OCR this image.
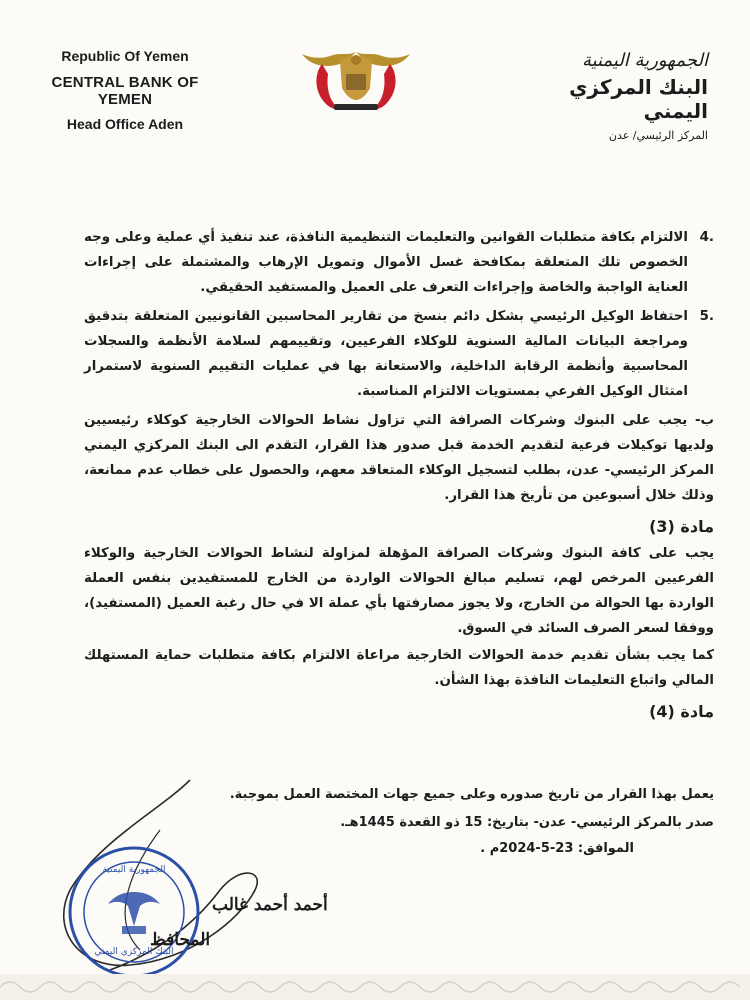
Republic Of Yemen
CENTRAL BANK OF YEMEN
Head Office Aden
الجمهورية اليمنية
البنك المركزي اليمني
المركز الرئيسي/ عدن
.4
الالتزام بكافة متطلبات القوانين والتعليمات التنظيمية النافذة، عند تنفيذ أي عملية وعلى وجه الخصوص تلك المتعلقة بمكافحة غسل الأموال وتمويل الإرهاب والمشتملة على إجراءات العناية الواجبة والخاصة وإجراءات التعرف على العميل والمستفيد الحقيقي.
.5
احتفاظ الوكيل الرئيسي بشكل دائم بنسخ من تقارير المحاسبين القانونيين المتعلقة بتدقيق ومراجعة البيانات المالية السنوية للوكلاء الفرعيين، وتقييمهم لسلامة الأنظمة والسجلات المحاسبية وأنظمة الرقابة الداخلية، والاستعانة بها في عمليات التقييم السنوية لاستمرار امتثال الوكيل الفرعي بمستويات الالتزام المناسبة.
ب- يجب على البنوك وشركات الصرافة التي تزاول نشاط الحوالات الخارجية كوكلاء رئيسيين ولديها توكيلات فرعية لتقديم الخدمة قبل صدور هذا القرار، التقدم الى البنك المركزي اليمني المركز الرئيسي- عدن، بطلب لتسجيل الوكلاء المتعاقد معهم، والحصول على خطاب عدم ممانعة، وذلك خلال أسبوعين من تأريخ هذا القرار.
مادة (3)
يجب على كافة البنوك وشركات الصرافة المؤهلة لمزاولة لنشاط الحوالات الخارجية والوكلاء الفرعيين المرخص لهم، تسليم مبالغ الحوالات الواردة من الخارج للمستفيدين بنفس العملة الواردة بها الحوالة من الخارج، ولا يجوز مصارفتها بأي عملة الا في حال رغبة العميل (المستفيد)، ووفقا لسعر الصرف السائد في السوق.
كما يجب بشأن تقديم خدمة الحوالات الخارجية مراعاة الالتزام بكافة متطلبات حماية المستهلك المالي واتباع التعليمات النافذة بهذا الشأن.
مادة (4)
يعمل بهذا القرار من تاريخ صدوره وعلى جميع جهات المختصة العمل بموجبة.
صدر بالمركز الرئيسي- عدن- بتاريخ: 15 ذو القعدة 1445هـ.
الموافق: 23-5-2024م .
الجمهورية اليمنية
البنك المركزي اليمني
أحمد أحمد غالب
المحافظ
